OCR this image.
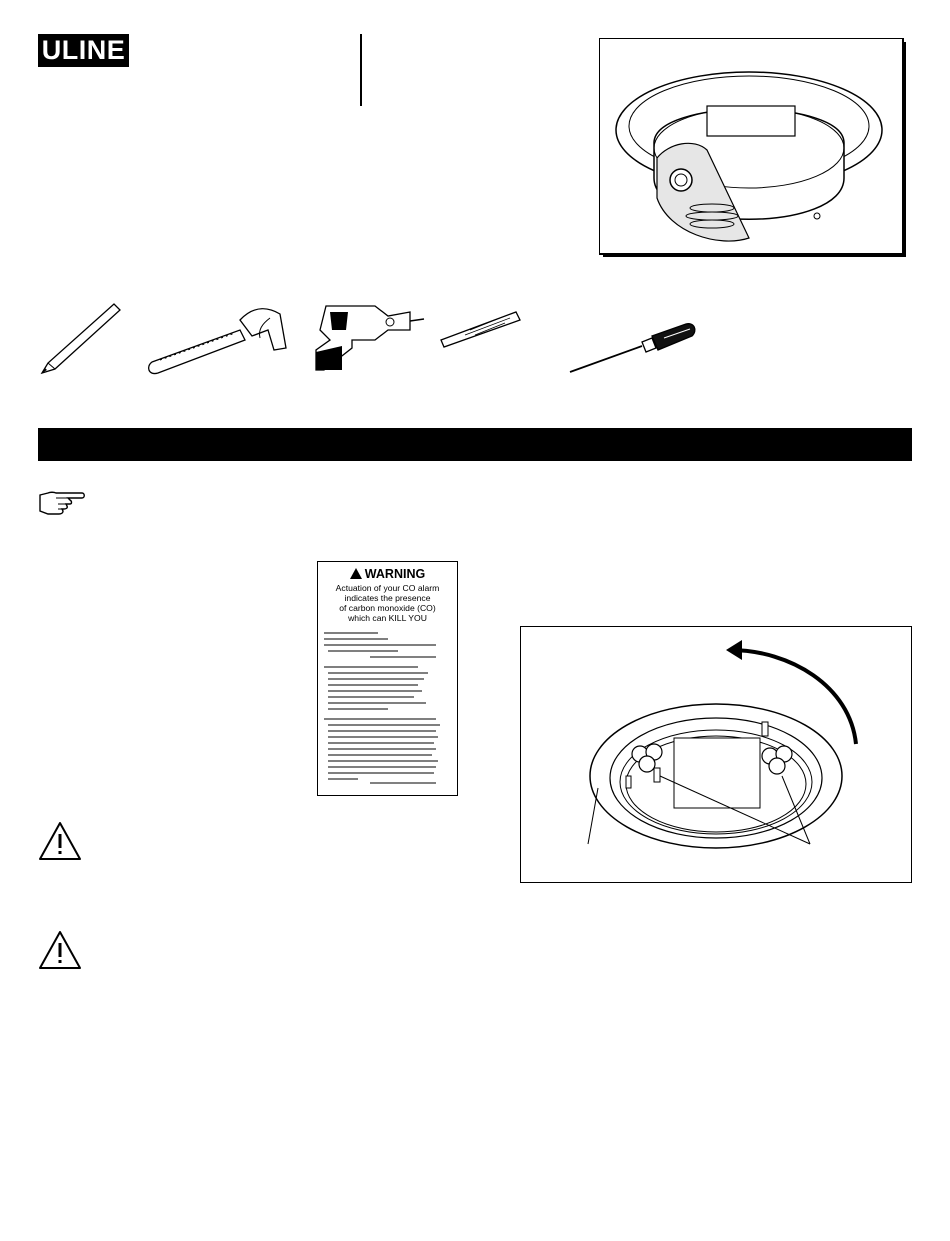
ULINE
WARNING
Actuation of your CO alarm
indicates the presence
of carbon monoxide (CO)
which can KILL YOU
